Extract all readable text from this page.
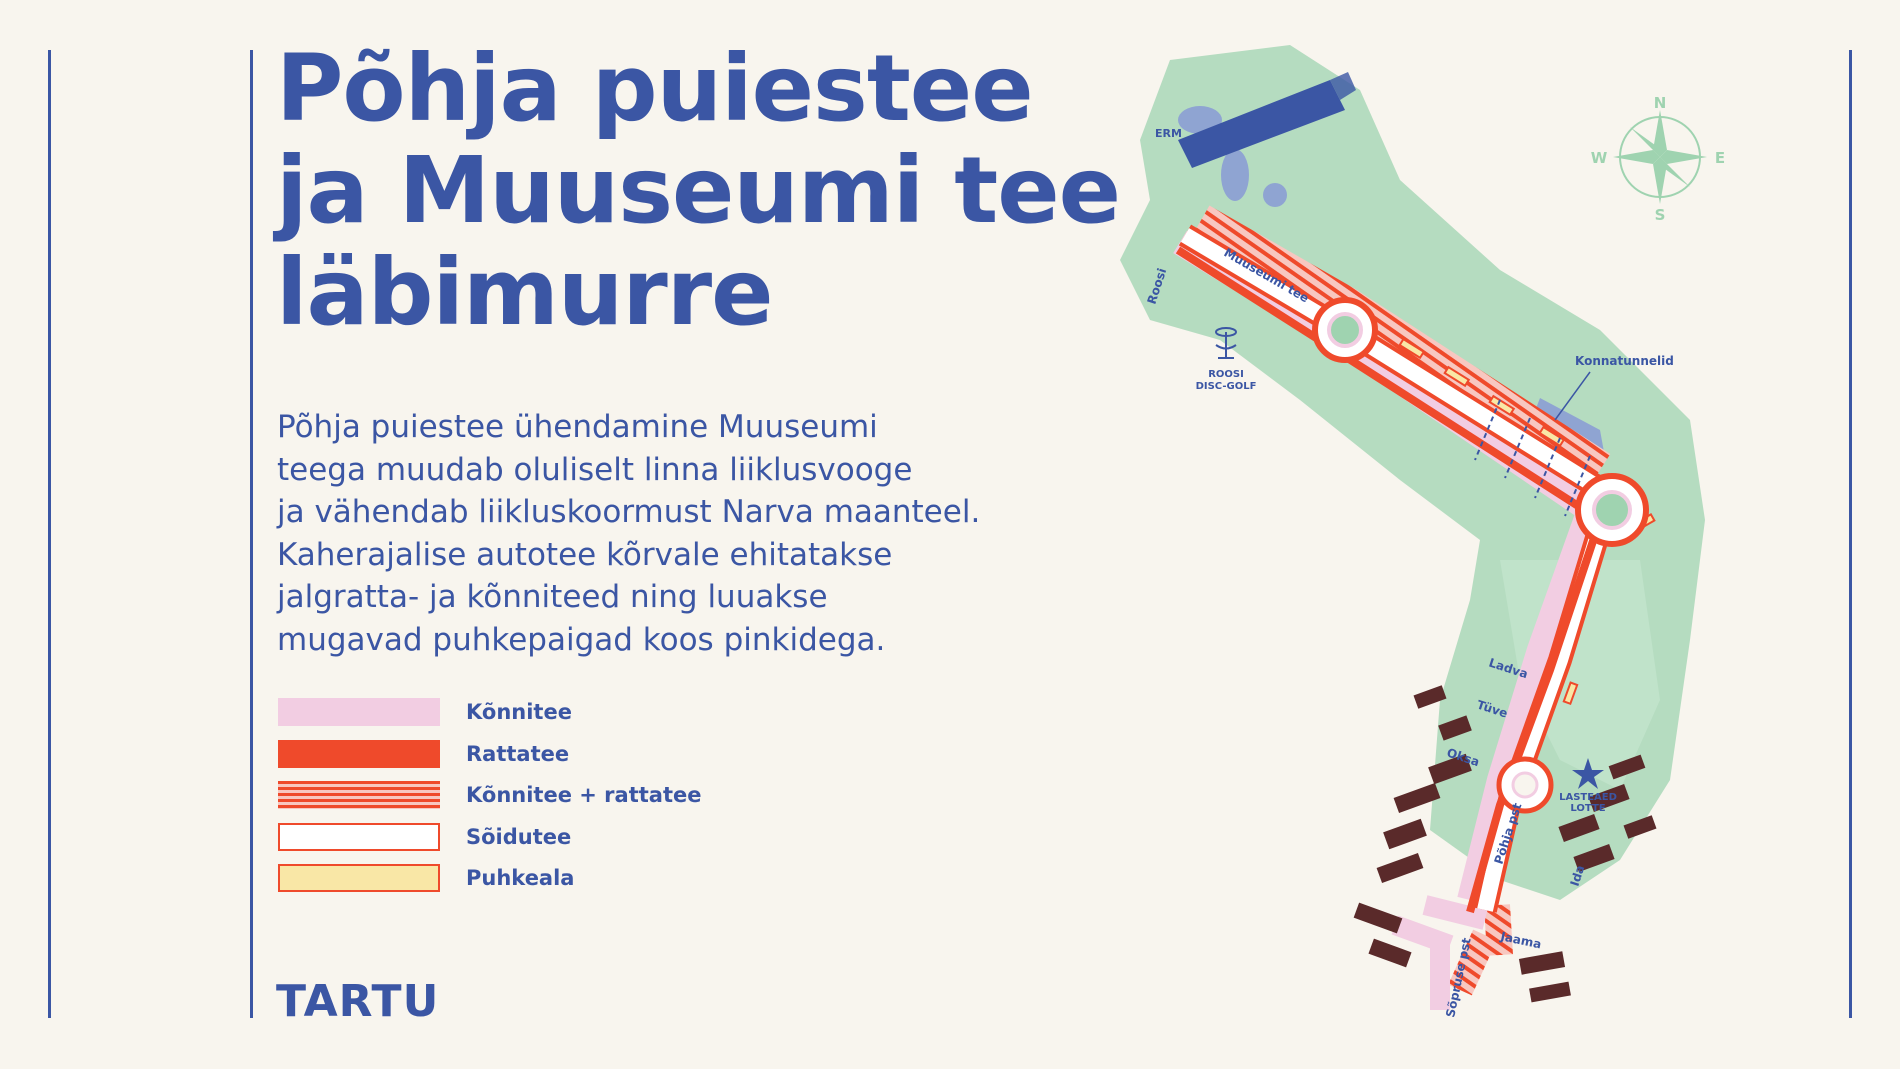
Põhja puiestee
ja Muuseumi tee
läbimurre

Põhja puiestee ühendamine Muuseumi
teega muudab oluliselt linna liiklusvooge
ja vähendab liikluskoormust Narva maanteel.
Kaherajalise autotee kõrvale ehitatakse
jalgratta- ja kõnniteed ning luuakse
mugavad puhkepaigad koos pinkidega.

Kõnnitee
Rattatee
Kõnnitee + rattatee
Sõidutee
Puhkeala
TARTU
N
E
S
W
ERM
ROOSI
DISC-GOLF
Konnatunnelid
LASTEAED
LOTTE
Roosi	Muuseumi tee
Ladva
Tüve
Oksa
Põhja pst
Ida
Jaama
Sõpruse pst
